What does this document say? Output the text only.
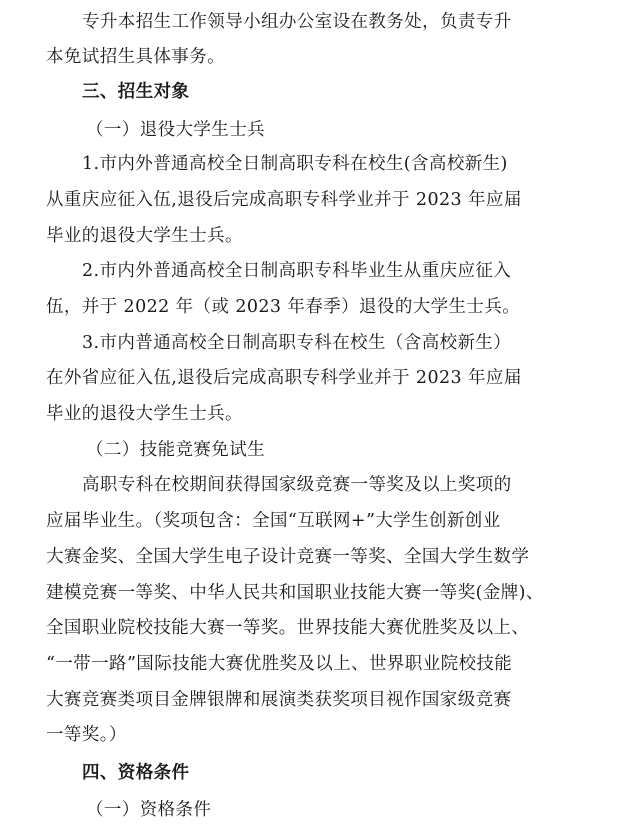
专升本招生工作领导小组办公室设在教务处，负责专升
本免试招生具体事务。
三、招生对象
（一）退役大学生士兵
1.市内外普通高校全日制高职专科在校生(含高校新生)
从重庆应征入伍,退役后完成高职专科学业并于 2023 年应届
毕业的退役大学生士兵。
2.市内外普通高校全日制高职专科毕业生从重庆应征入
伍，并于 2022 年（或 2023 年春季）退役的大学生士兵。
3.市内普通高校全日制高职专科在校生（含高校新生）
在外省应征入伍,退役后完成高职专科学业并于 2023 年应届
毕业的退役大学生士兵。
（二）技能竞赛免试生
高职专科在校期间获得国家级竞赛一等奖及以上奖项的
应届毕业生。（奖项包含：全国“互联网+”大学生创新创业
大赛金奖、全国大学生电子设计竞赛一等奖、全国大学生数学
建模竞赛一等奖、中华人民共和国职业技能大赛一等奖(金牌)、
全国职业院校技能大赛一等奖。世界技能大赛优胜奖及以上、
“一带一路”国际技能大赛优胜奖及以上、世界职业院校技能
大赛竞赛类项目金牌银牌和展演类获奖项目视作国家级竞赛
一等奖。）
四、资格条件
（一）资格条件
